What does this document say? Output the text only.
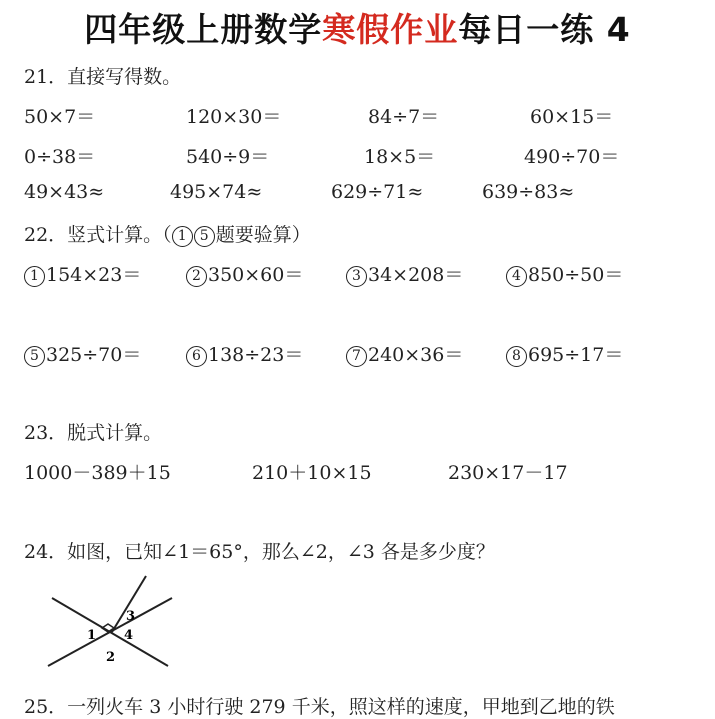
四年级上册数学寒假作业每日一练 4
21．直接写得数。
50×7＝	120×30＝	84÷7＝	60×15＝
0÷38＝	540÷9＝	18×5＝	490÷70＝
49×43≈	495×74≈	629÷71≈	639÷83≈
22．竖式计算。（ 1 5 题要验算）
1 154×23＝	2 350×60＝	3 34×208＝	4 850÷50＝
5 325÷70＝	6 138÷23＝	7 240×36＝	8 695÷17＝
23．脱式计算。
1000－389＋15	210＋10×15	230×17－17
24．如图，已知∠1＝65°，那么∠2，∠3 各是多少度？
1
2
3
4
25．一列火车 3 小时行驶 279 千米，照这样的速度，甲地到乙地的铁
